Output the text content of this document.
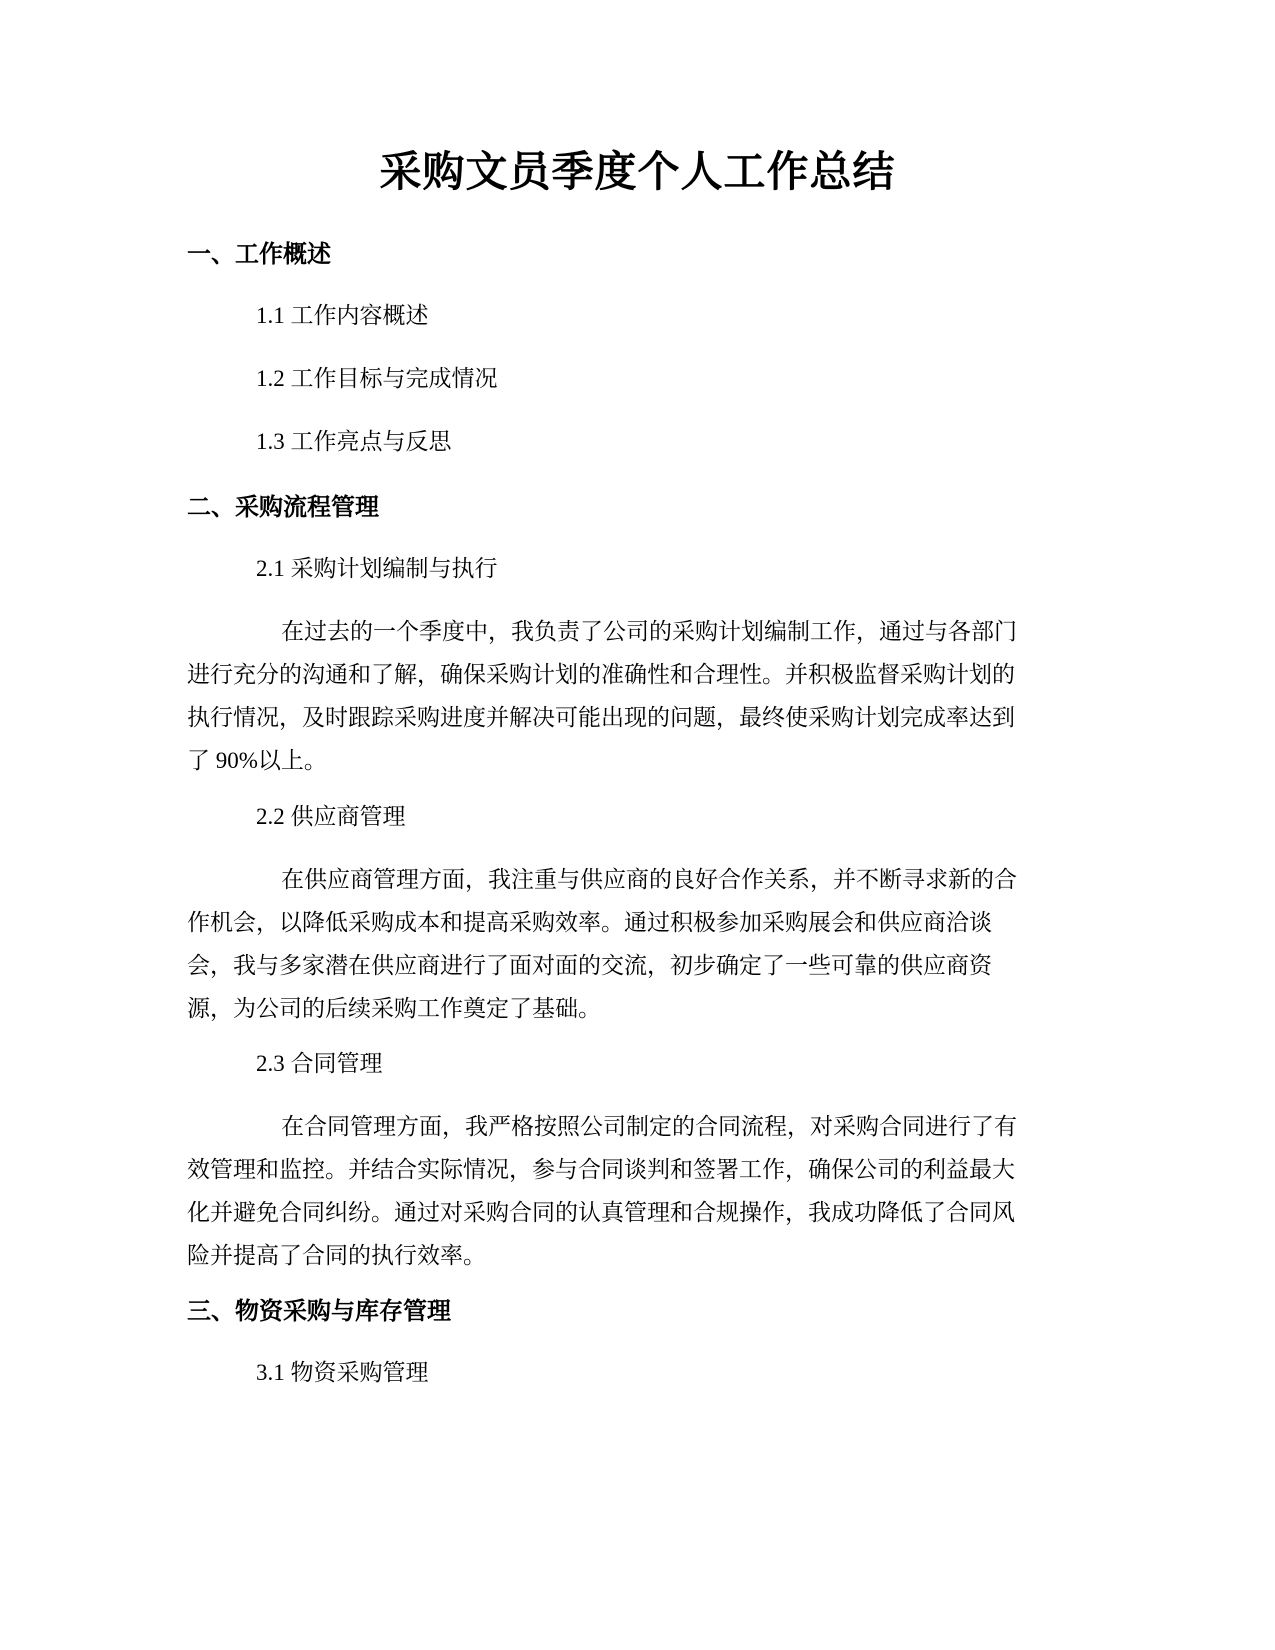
采购文员季度个人工作总结
一、工作概述
1.1 工作内容概述
1.2 工作目标与完成情况
1.3 工作亮点与反思
二、采购流程管理
2.1 采购计划编制与执行
在过去的一个季度中，我负责了公司的采购计划编制工作，通过与各部门
进行充分的沟通和了解，确保采购计划的准确性和合理性。并积极监督采购计划的
执行情况，及时跟踪采购进度并解决可能出现的问题，最终使采购计划完成率达到
了 90%以上。
2.2 供应商管理
在供应商管理方面，我注重与供应商的良好合作关系，并不断寻求新的合
作机会，以降低采购成本和提高采购效率。通过积极参加采购展会和供应商洽谈
会，我与多家潜在供应商进行了面对面的交流，初步确定了一些可靠的供应商资
源，为公司的后续采购工作奠定了基础。
2.3 合同管理
在合同管理方面，我严格按照公司制定的合同流程，对采购合同进行了有
效管理和监控。并结合实际情况，参与合同谈判和签署工作，确保公司的利益最大
化并避免合同纠纷。通过对采购合同的认真管理和合规操作，我成功降低了合同风
险并提高了合同的执行效率。
三、物资采购与库存管理
3.1 物资采购管理
